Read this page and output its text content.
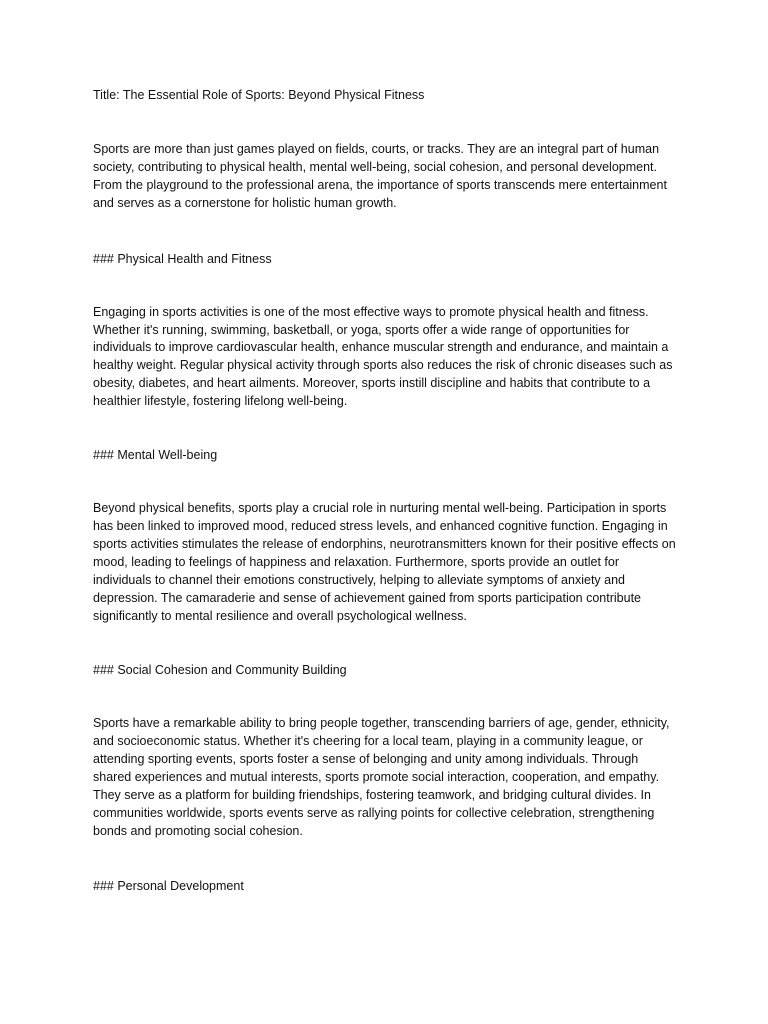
Title: The Essential Role of Sports: Beyond Physical Fitness

Sports are more than just games played on fields, courts, or tracks. They are an integral part of human society, contributing to physical health, mental well-being, social cohesion, and personal development. From the playground to the professional arena, the importance of sports transcends mere entertainment and serves as a cornerstone for holistic human growth.

### Physical Health and Fitness

Engaging in sports activities is one of the most effective ways to promote physical health and fitness. Whether it's running, swimming, basketball, or yoga, sports offer a wide range of opportunities for individuals to improve cardiovascular health, enhance muscular strength and endurance, and maintain a healthy weight. Regular physical activity through sports also reduces the risk of chronic diseases such as obesity, diabetes, and heart ailments. Moreover, sports instill discipline and habits that contribute to a healthier lifestyle, fostering lifelong well-being.

### Mental Well-being

Beyond physical benefits, sports play a crucial role in nurturing mental well-being. Participation in sports has been linked to improved mood, reduced stress levels, and enhanced cognitive function. Engaging in sports activities stimulates the release of endorphins, neurotransmitters known for their positive effects on mood, leading to feelings of happiness and relaxation. Furthermore, sports provide an outlet for individuals to channel their emotions constructively, helping to alleviate symptoms of anxiety and depression. The camaraderie and sense of achievement gained from sports participation contribute significantly to mental resilience and overall psychological wellness.

### Social Cohesion and Community Building

Sports have a remarkable ability to bring people together, transcending barriers of age, gender, ethnicity, and socioeconomic status. Whether it's cheering for a local team, playing in a community league, or attending sporting events, sports foster a sense of belonging and unity among individuals. Through shared experiences and mutual interests, sports promote social interaction, cooperation, and empathy. They serve as a platform for building friendships, fostering teamwork, and bridging cultural divides. In communities worldwide, sports events serve as rallying points for collective celebration, strengthening bonds and promoting social cohesion.

### Personal Development
